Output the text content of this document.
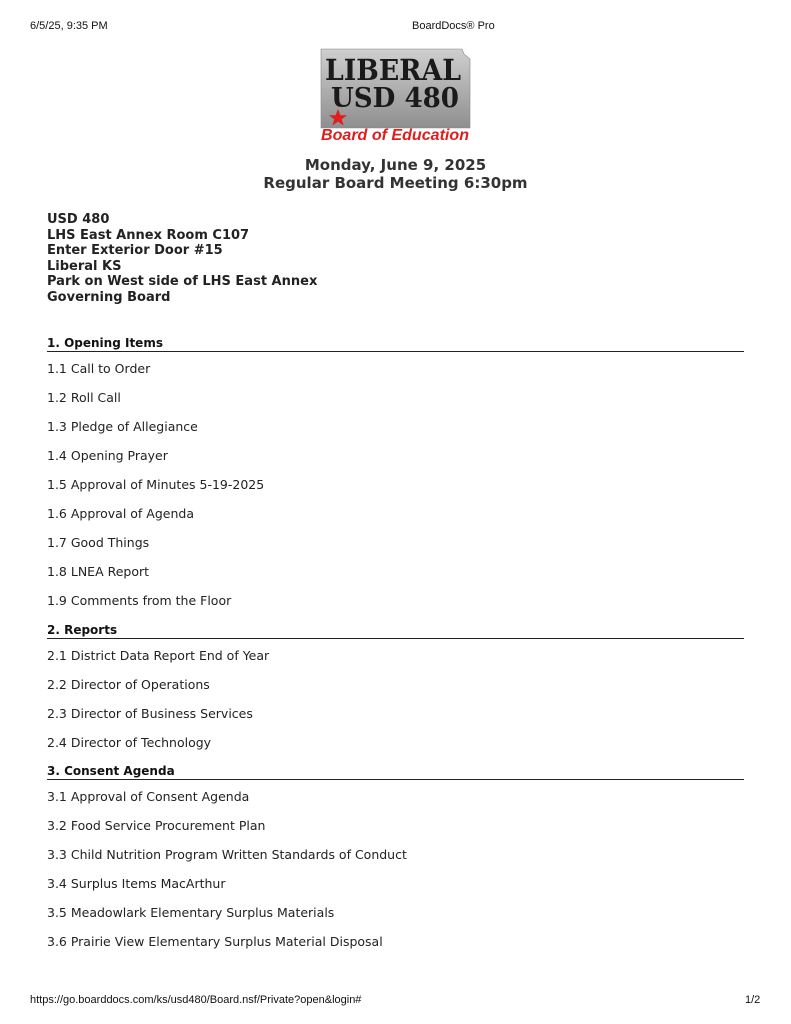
6/5/25, 9:35 PM	BoardDocs® Pro
LIBERAL
USD 480
Board of Education
Monday, June 9, 2025
Regular Board Meeting 6:30pm
USD 480
LHS East Annex Room C107
Enter Exterior Door #15
Liberal KS
Park on West side of LHS East Annex
Governing Board
1. Opening Items
1.1 Call to Order
1.2 Roll Call
1.3 Pledge of Allegiance
1.4 Opening Prayer
1.5 Approval of Minutes 5-19-2025
1.6 Approval of Agenda
1.7 Good Things
1.8 LNEA Report
1.9 Comments from the Floor
2. Reports
2.1 District Data Report End of Year
2.2 Director of Operations
2.3 Director of Business Services
2.4 Director of Technology
3. Consent Agenda
3.1 Approval of Consent Agenda
3.2 Food Service Procurement Plan
3.3 Child Nutrition Program Written Standards of Conduct
3.4 Surplus Items MacArthur
3.5 Meadowlark Elementary Surplus Materials
3.6 Prairie View Elementary Surplus Material Disposal
https://go.boarddocs.com/ks/usd480/Board.nsf/Private?open&login#	1/2
